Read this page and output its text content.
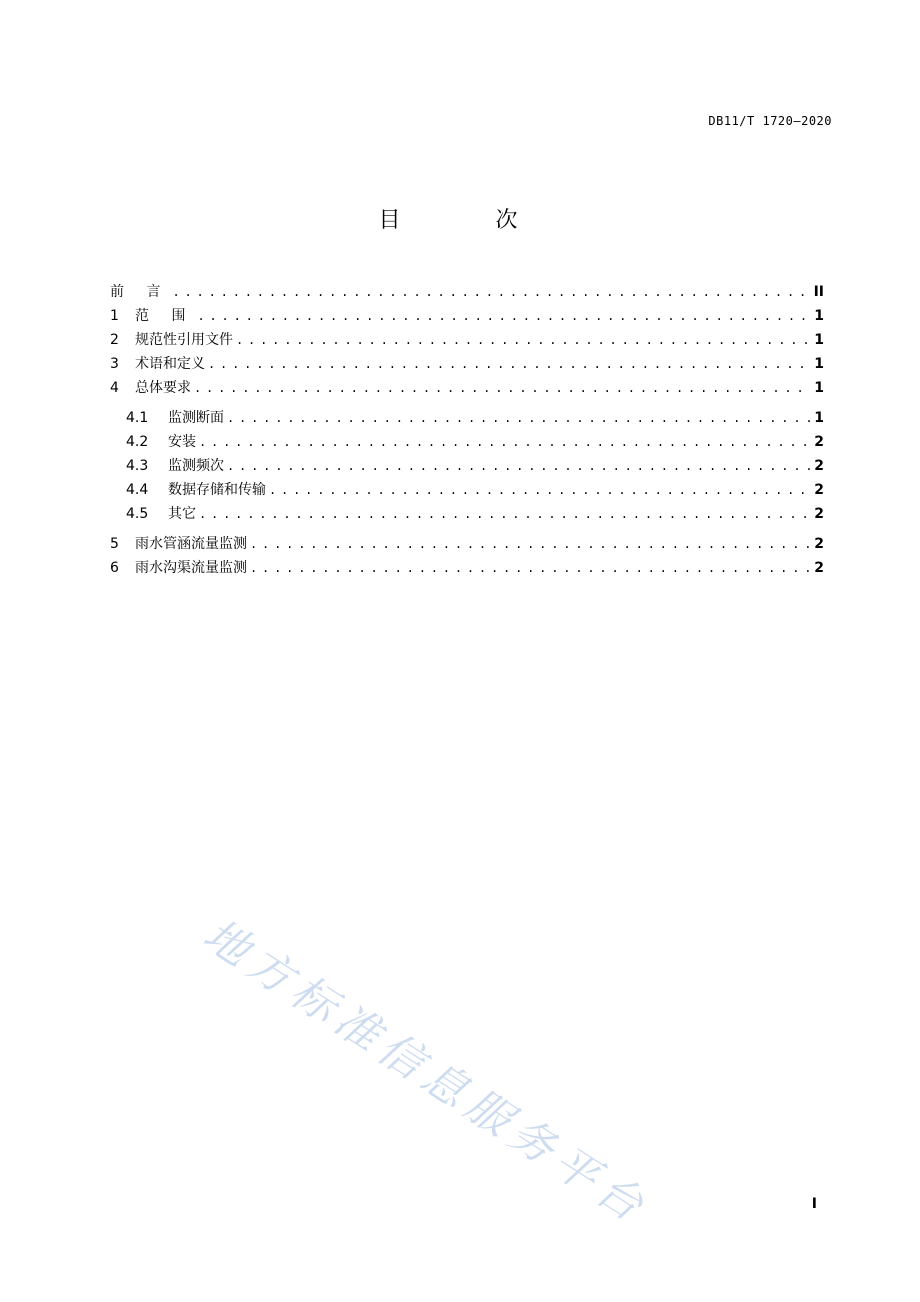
DB11/T 1720—2020
目 次
前 言 . . .	II
1	范 围 . . .	1
2	规范性引用文件 . . .	1
3	术语和定义 . . .	1
4	总体要求 . . .	1
4.1	监测断面 . . .	1
4.2	安装 . . .	2
4.3	监测频次 . . .	2
4.4	数据存储和传输 . . .	2
4.5	其它 . . .	2
5	雨水管涵流量监测 . . .	2
6	雨水沟渠流量监测 . . .	2
地方标准信息服务平台	I
